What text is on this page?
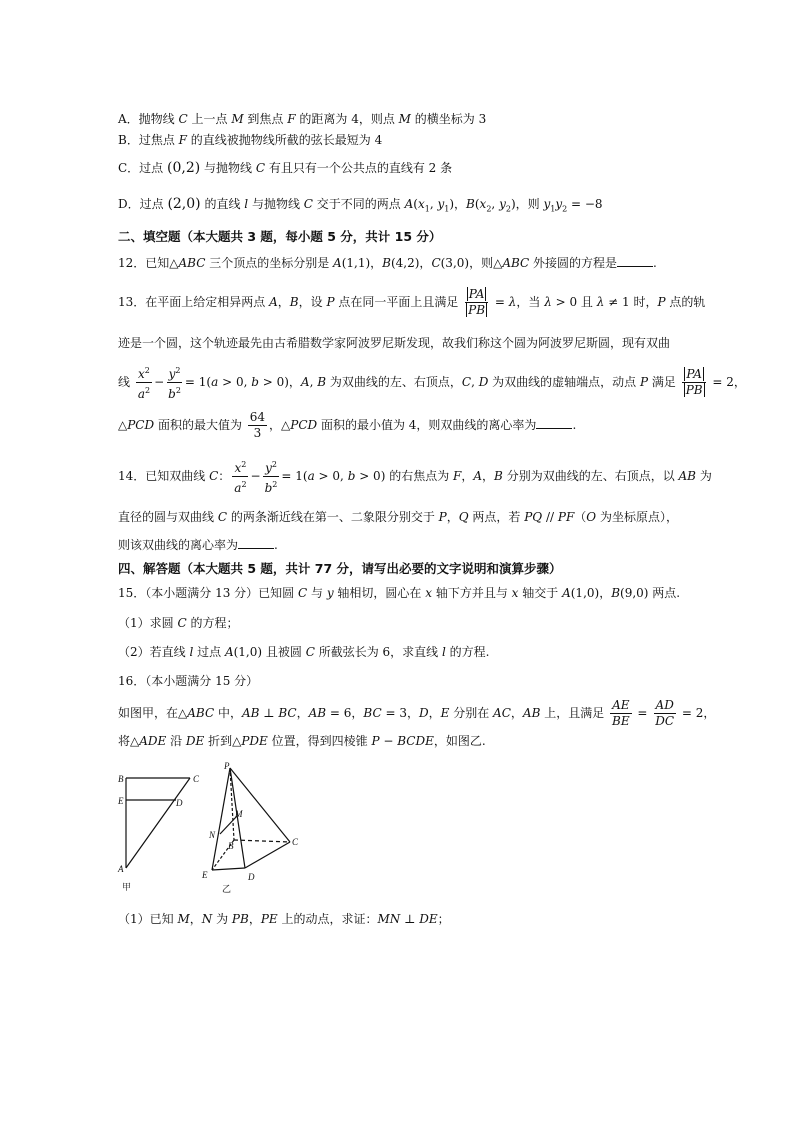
A．抛物线 C 上一点 M 到焦点 F 的距离为 4，则点 M 的横坐标为 3
B．过焦点 F 的直线被抛物线所截的弦长最短为 4
C．过点 (0,2) 与抛物线 C 有且只有一个公共点的直线有 2 条
D．过点 (2,0) 的直线 l 与抛物线 C 交于不同的两点 $A(x_1$, $y_1$)，$B(x_2$, $y_2$)，则 $y_1y_2 = -8$
二、填空题（本大题共 3 题，每小题 5 分，共计 15 分）
12．已知△ABC 三个顶点的坐标分别是 A(1,1)，B(4,2)，C(3,0)，则△ABC 外接圆的方程是	.
13．在平面上给定相异两点 A，B，设 P 点在同一平面上且满足 $\frac{PA}{PB} = \lambda$，当 λ > 0 且 λ ≠ 1 时，P 点的轨
迹是一个圆，这个轨迹最先由古希腊数学家阿波罗尼斯发现，故我们称这个圆为阿波罗尼斯圆，现有双曲
线 $\frac{x^2}{a^2} - \frac{y^2}{b^2} = 1(a > 0$, b > 0)，A, B 为双曲线的左、右顶点，C, D 为双曲线的虚轴端点，动点 P 满足 $\frac{PA}{PB} = 2$，
△PCD 面积的最大值为 $\frac{64}{3}$ ，△PCD 面积的最小值为 4，则双曲线的离心率为	.
14．已知双曲线 C： $\frac{x^2}{a^2} - \frac{y^2}{b^2} = 1(a > 0$, b > 0) 的右焦点为 F，A，B 分别为双曲线的左、右顶点，以 AB 为
直径的圆与双曲线 C 的两条渐近线在第一、二象限分别交于 P，Q 两点，若 PQ // PF（O 为坐标原点），
则该双曲线的离心率为	.
四、解答题（本大题共 5 题，共计 77 分，请写出必要的文字说明和演算步骤）
15．（本小题满分 13 分）已知圆 C 与 y 轴相切，圆心在 x 轴下方并且与 x 轴交于 A(1,0)，B(9,0) 两点.
（1）求圆 C 的方程；
（2）若直线 l 过点 A(1,0) 且被圆 C 所截弦长为 6，求直线 l 的方程.
16．（本小题满分 15 分）
如图甲，在△ABC 中，AB ⊥ BC，AB = 6，BC = 3，D，E 分别在 AC，AB 上，且满足 $\frac{AE}{BE} = \frac{AD}{DC} = 2$，
将△ADE 沿 DE 折到△PDE 位置，得到四棱锥 P − BCDE，如图乙.
B	C
E	D
A
甲
P
M
N
B	C
E	D
乙
（1）已知 M，N 为 PB，PE 上的动点，求证：MN ⊥ DE；
